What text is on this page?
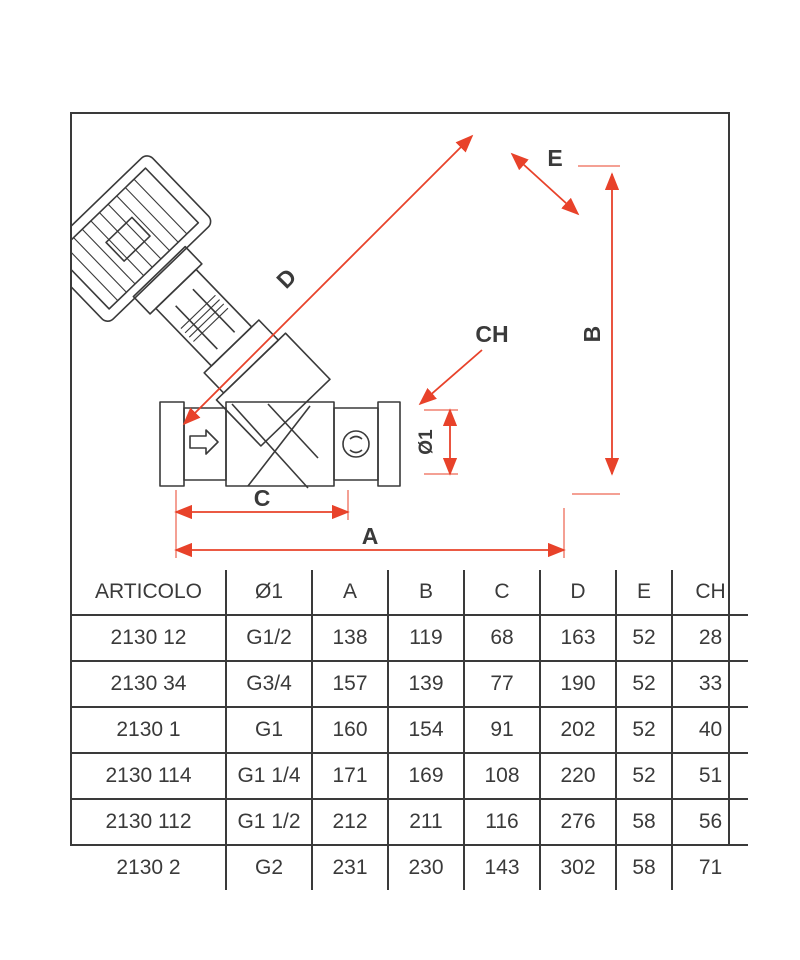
D
E
B
CH
Ø1
C
A
ARTICOLO	Ø1	A	B	C	D	E	CH
2130 12	G1/2	138	119	68	163	52	28
2130 34	G3/4	157	139	77	190	52	33
2130 1	G1	160	154	91	202	52	40
2130 114	G1 1/4	171	169	108	220	52	51
2130 112	G1 1/2	212	211	116	276	58	56
2130 2	G2	231	230	143	302	58	71
